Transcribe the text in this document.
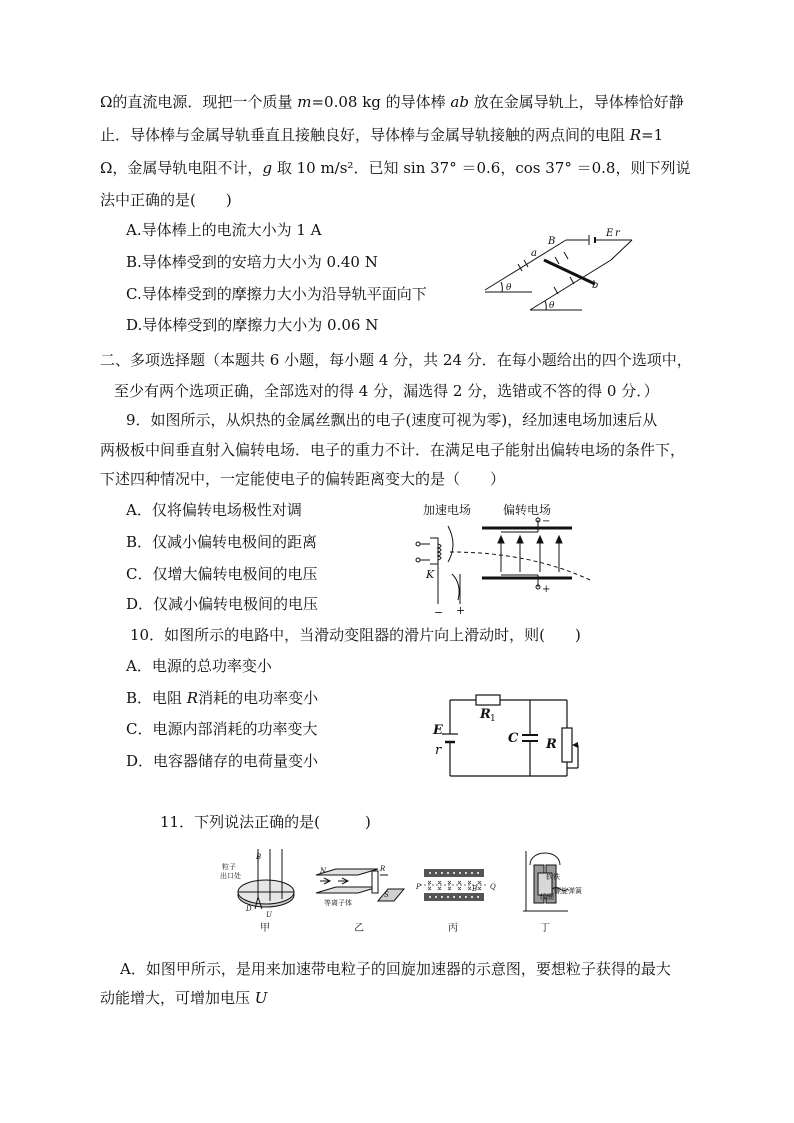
Ω的直流电源．现把一个质量 m=0.08 kg 的导体棒 ab 放在金属导轨上，导体棒恰好静
止．导体棒与金属导轨垂直且接触良好，导体棒与金属导轨接触的两点间的电阻 R=1
Ω，金属导轨电阻不计，g 取 10 m/s²．已知 sin 37° ＝0.6，cos 37° ＝0.8，则下列说
法中正确的是(　　)
A.导体棒上的电流大小为 1 A
B.导体棒受到的安培力大小为 0.40 N
C.导体棒受到的摩擦力大小为沿导轨平面向下
D.导体棒受到的摩擦力大小为 0.06 N
B
E r
a
b
θ
θ
二、多项选择题（本题共 6 小题，每小题 4 分，共 24 分．在每小题给出的四个选项中，
至少有两个选项正确，全部选对的得 4 分，漏选得 2 分，选错或不答的得 0 分．）
9．如图所示，从炽热的金属丝飘出的电子(速度可视为零)，经加速电场加速后从
两极板中间垂直射入偏转电场．电子的重力不计．在满足电子能射出偏转电场的条件下，
下述四种情况中，一定能使电子的偏转距离变大的是（　　）
A．仅将偏转电场极性对调
B．仅减小偏转电极间的距离
C．仅增大偏转电极间的电压
D．仅减小偏转电极间的电压
加速电场	偏转电场
K
− +
−
+
10．如图所示的电路中，当滑动变阻器的滑片向上滑动时，则(　　)
A．电源的总功率变小
B．电阻 R消耗的电功率变小
C．电源内部消耗的功率变大
D．电容器储存的电荷量变小
R 1
E
r
C R
11．下列说法正确的是(　　　)
B
粒子
出口处
D
U
甲
N
S
R
等离子体
乙
P	Q
B
丙
软铁
线圈
螺旋弹簧
丁
A．如图甲所示，是用来加速带电粒子的回旋加速器的示意图，要想粒子获得的最大
动能增大，可增加电压 U
